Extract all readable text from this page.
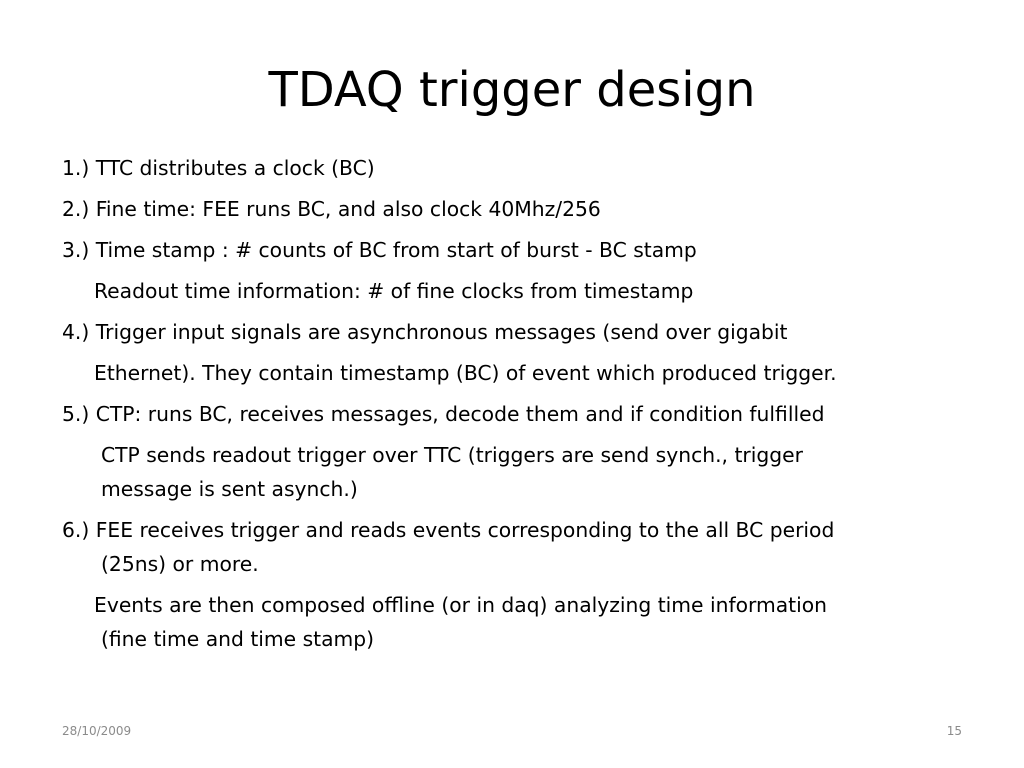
TDAQ trigger design
1.) TTC distributes a clock (BC)
2.) Fine time: FEE runs BC, and also clock 40Mhz/256
3.) Time stamp : # counts of BC from start of burst - BC stamp
Readout time information: # of fine clocks from timestamp
4.) Trigger input signals are asynchronous messages (send over gigabit
Ethernet). They contain timestamp (BC) of event which produced trigger.
5.) CTP: runs BC, receives messages, decode them and if condition fulfilled
CTP sends readout trigger over TTC (triggers are send synch., trigger
message is sent asynch.)
6.) FEE receives trigger and reads events corresponding to the all BC period
(25ns) or more.
Events are then composed offline (or in daq) analyzing time information
(fine time and time stamp)
28/10/2009	15
